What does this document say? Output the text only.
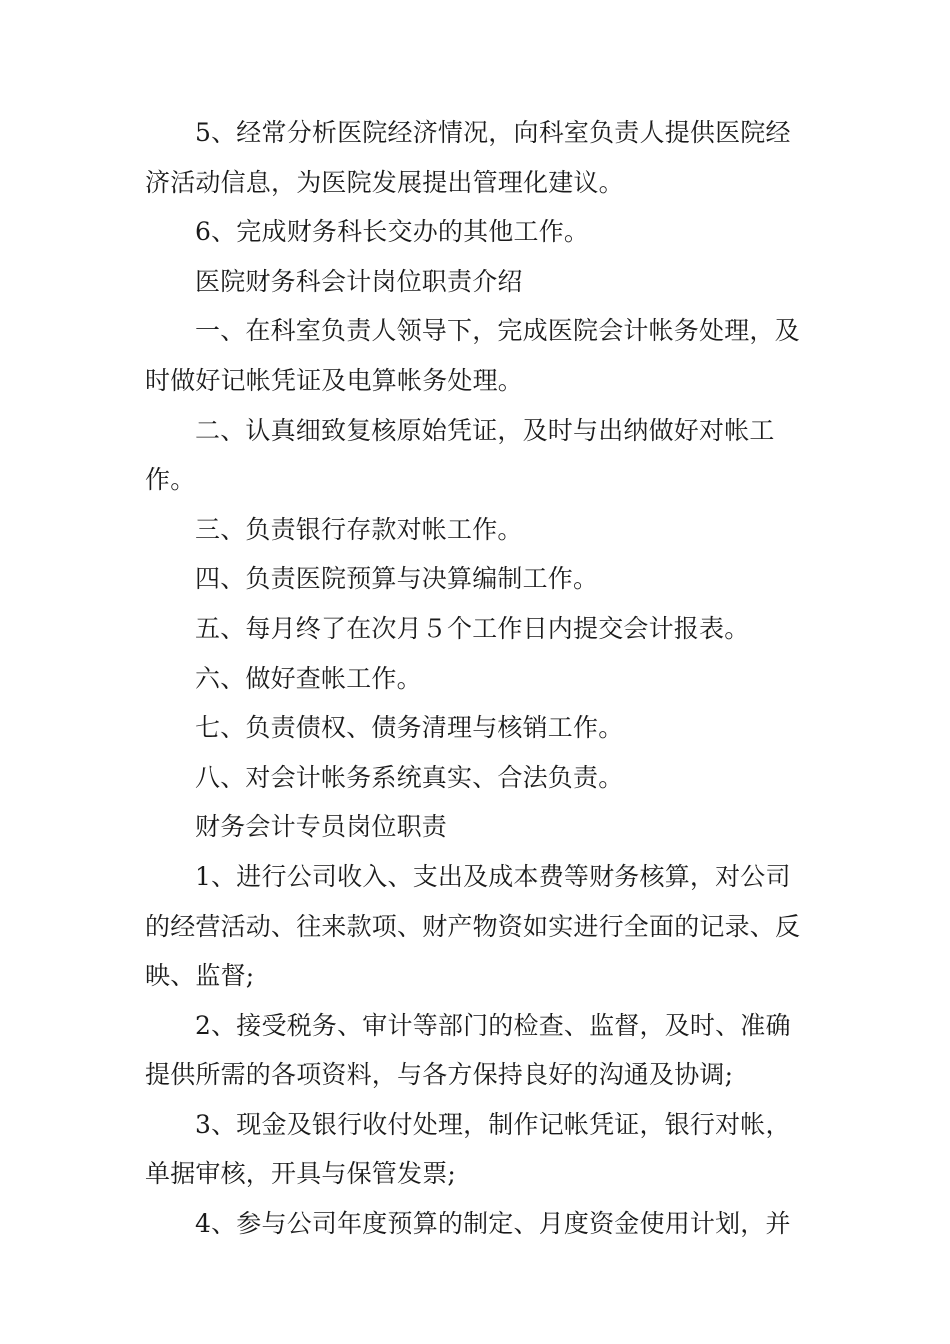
5、经常分析医院经济情况，向科室负责人提供医院经济活动信息，为医院发展提出管理化建议。

6、完成财务科长交办的其他工作。

医院财务科会计岗位职责介绍

一、在科室负责人领导下，完成医院会计帐务处理，及时做好记帐凭证及电算帐务处理。

二、认真细致复核原始凭证，及时与出纳做好对帐工作。

三、负责银行存款对帐工作。

四、负责医院预算与决算编制工作。

五、每月终了在次月５个工作日内提交会计报表。

六、做好查帐工作。

七、负责债权、债务清理与核销工作。

八、对会计帐务系统真实、合法负责。

财务会计专员岗位职责

1、进行公司收入、支出及成本费等财务核算，对公司的经营活动、往来款项、财产物资如实进行全面的记录、反映、监督;

2、接受税务、审计等部门的检查、监督，及时、准确提供所需的各项资料，与各方保持良好的沟通及协调;

3、现金及银行收付处理，制作记帐凭证，银行对帐，单据审核，开具与保管发票;

4、参与公司年度预算的制定、月度资金使用计划，并
